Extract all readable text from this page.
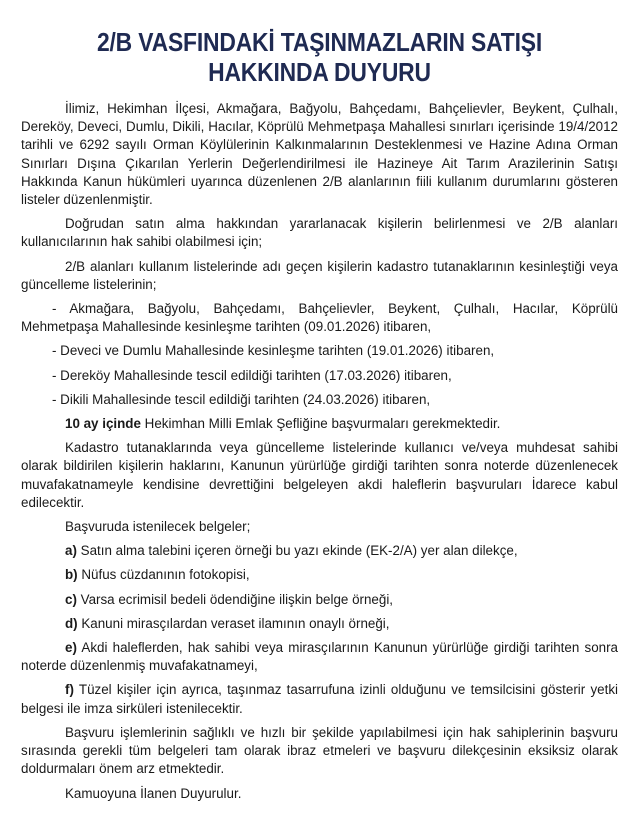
2/B VASFINDAKİ TAŞINMAZLARIN SATIŞI
HAKKINDA DUYURU

İlimiz, Hekimhan İlçesi, Akmağara, Bağyolu, Bahçedamı, Bahçelievler, Beykent, Çulhalı, Dereköy, Deveci, Dumlu, Dikili, Hacılar, Köprülü Mehmetpaşa Mahallesi sınırları içerisinde 19/4/2012 tarihli ve 6292 sayılı Orman Köylülerinin Kalkınmalarının Desteklenmesi ve Hazine Adına Orman Sınırları Dışına Çıkarılan Yerlerin Değerlendirilmesi ile Hazineye Ait Tarım Arazilerinin Satışı Hakkında Kanun hükümleri uyarınca düzenlenen 2/B alanlarının fiili kullanım durumlarını gösteren listeler düzenlenmiştir.

Doğrudan satın alma hakkından yararlanacak kişilerin belirlenmesi ve 2/B alanları kullanıcılarının hak sahibi olabilmesi için;

2/B alanları kullanım listelerinde adı geçen kişilerin kadastro tutanaklarının kesinleştiği veya güncelleme listelerinin;

- Akmağara, Bağyolu, Bahçedamı, Bahçelievler, Beykent, Çulhalı, Hacılar, Köprülü Mehmetpaşa Mahallesinde kesinleşme tarihten (09.01.2026) itibaren,

- Deveci ve Dumlu Mahallesinde kesinleşme tarihten (19.01.2026) itibaren,

- Dereköy Mahallesinde tescil edildiği tarihten (17.03.2026) itibaren,

- Dikili Mahallesinde tescil edildiği tarihten (24.03.2026) itibaren,

10 ay içinde Hekimhan Milli Emlak Şefliğine başvurmaları gerekmektedir.

Kadastro tutanaklarında veya güncelleme listelerinde kullanıcı ve/veya muhdesat sahibi olarak bildirilen kişilerin haklarını, Kanunun yürürlüğe girdiği tarihten sonra noterde düzenlenecek muvafakatnameyle kendisine devrettiğini belgeleyen akdi haleflerin başvuruları İdarece kabul edilecektir.

Başvuruda istenilecek belgeler;

a) Satın alma talebini içeren örneği bu yazı ekinde (EK-2/A) yer alan dilekçe,

b) Nüfus cüzdanının fotokopisi,

c) Varsa ecrimisil bedeli ödendiğine ilişkin belge örneği,

d) Kanuni mirasçılardan veraset ilamının onaylı örneği,

e) Akdi haleflerden, hak sahibi veya mirasçılarının Kanunun yürürlüğe girdiği tarihten sonra noterde düzenlenmiş muvafakatnameyi,

f) Tüzel kişiler için ayrıca, taşınmaz tasarrufuna izinli olduğunu ve temsilcisini gösterir yetki belgesi ile imza sirküleri istenilecektir.

Başvuru işlemlerinin sağlıklı ve hızlı bir şekilde yapılabilmesi için hak sahiplerinin başvuru sırasında gerekli tüm belgeleri tam olarak ibraz etmeleri ve başvuru dilekçesinin eksiksiz olarak doldurmaları önem arz etmektedir.

Kamuoyuna İlanen Duyurulur.
